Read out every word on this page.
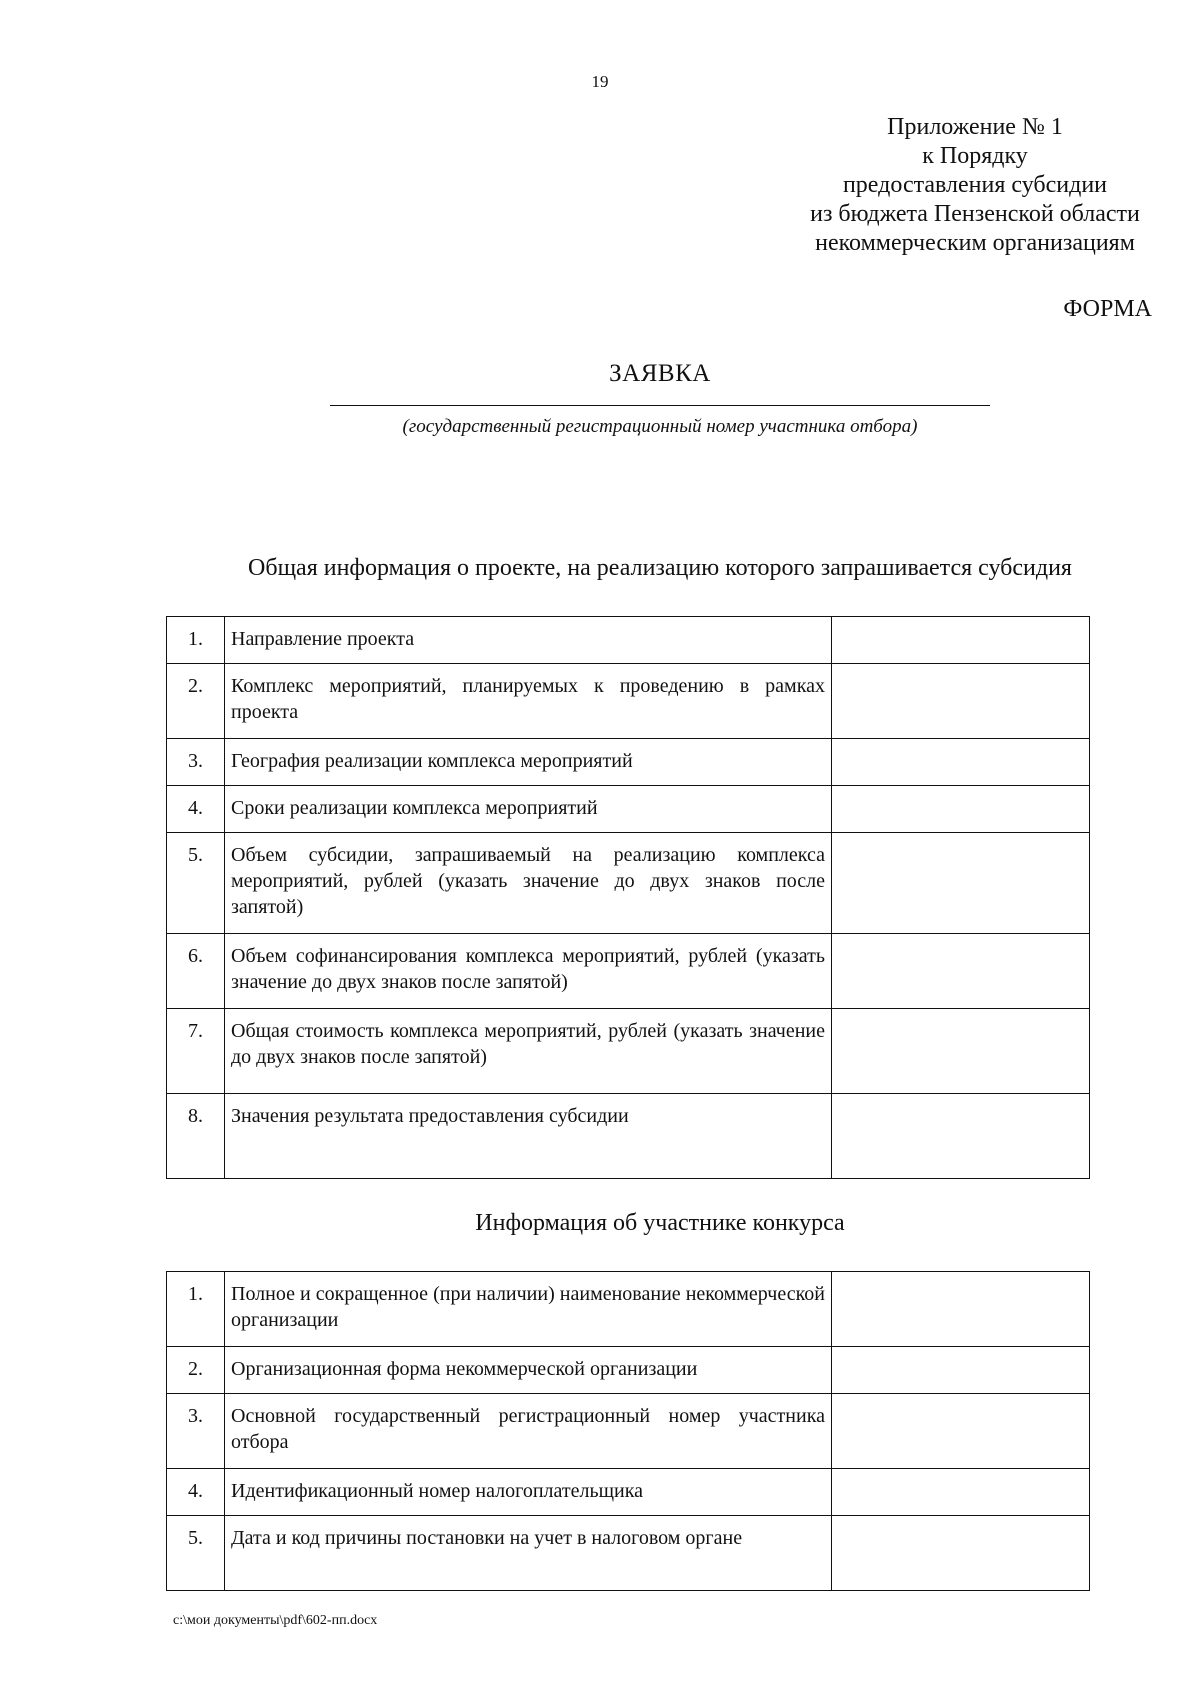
19
Приложение № 1
к Порядку
предоставления субсидии
из бюджета Пензенской области
некоммерческим организациям
ФОРМА
ЗАЯВКА
(государственный регистрационный номер участника отбора)
Общая информация о проекте, на реализацию которого запрашивается субсидия
1.	Направление проекта	
2.	Комплекс мероприятий, планируемых к проведению в рамках проекта	
3.	География реализации комплекса мероприятий	
4.	Сроки реализации комплекса мероприятий	
5.	Объем субсидии, запрашиваемый на реализацию комплекса мероприятий, рублей (указать значение до двух знаков после запятой)	
6.	Объем софинансирования комплекса мероприятий, рублей (указать значение до двух знаков после запятой)	
7.	Общая стоимость комплекса мероприятий, рублей (указать значение до двух знаков после запятой)	
8.	Значения результата предоставления субсидии	
Информация об участнике конкурса
1.	Полное и сокращенное (при наличии) наименование некоммерческой организации	
2.	Организационная форма некоммерческой организации	
3.	Основной государственный регистрационный номер участника отбора	
4.	Идентификационный номер налогоплательщика	
5.	Дата и код причины постановки на учет в налоговом органе	
c:\мои документы\pdf\602-пп.docx
